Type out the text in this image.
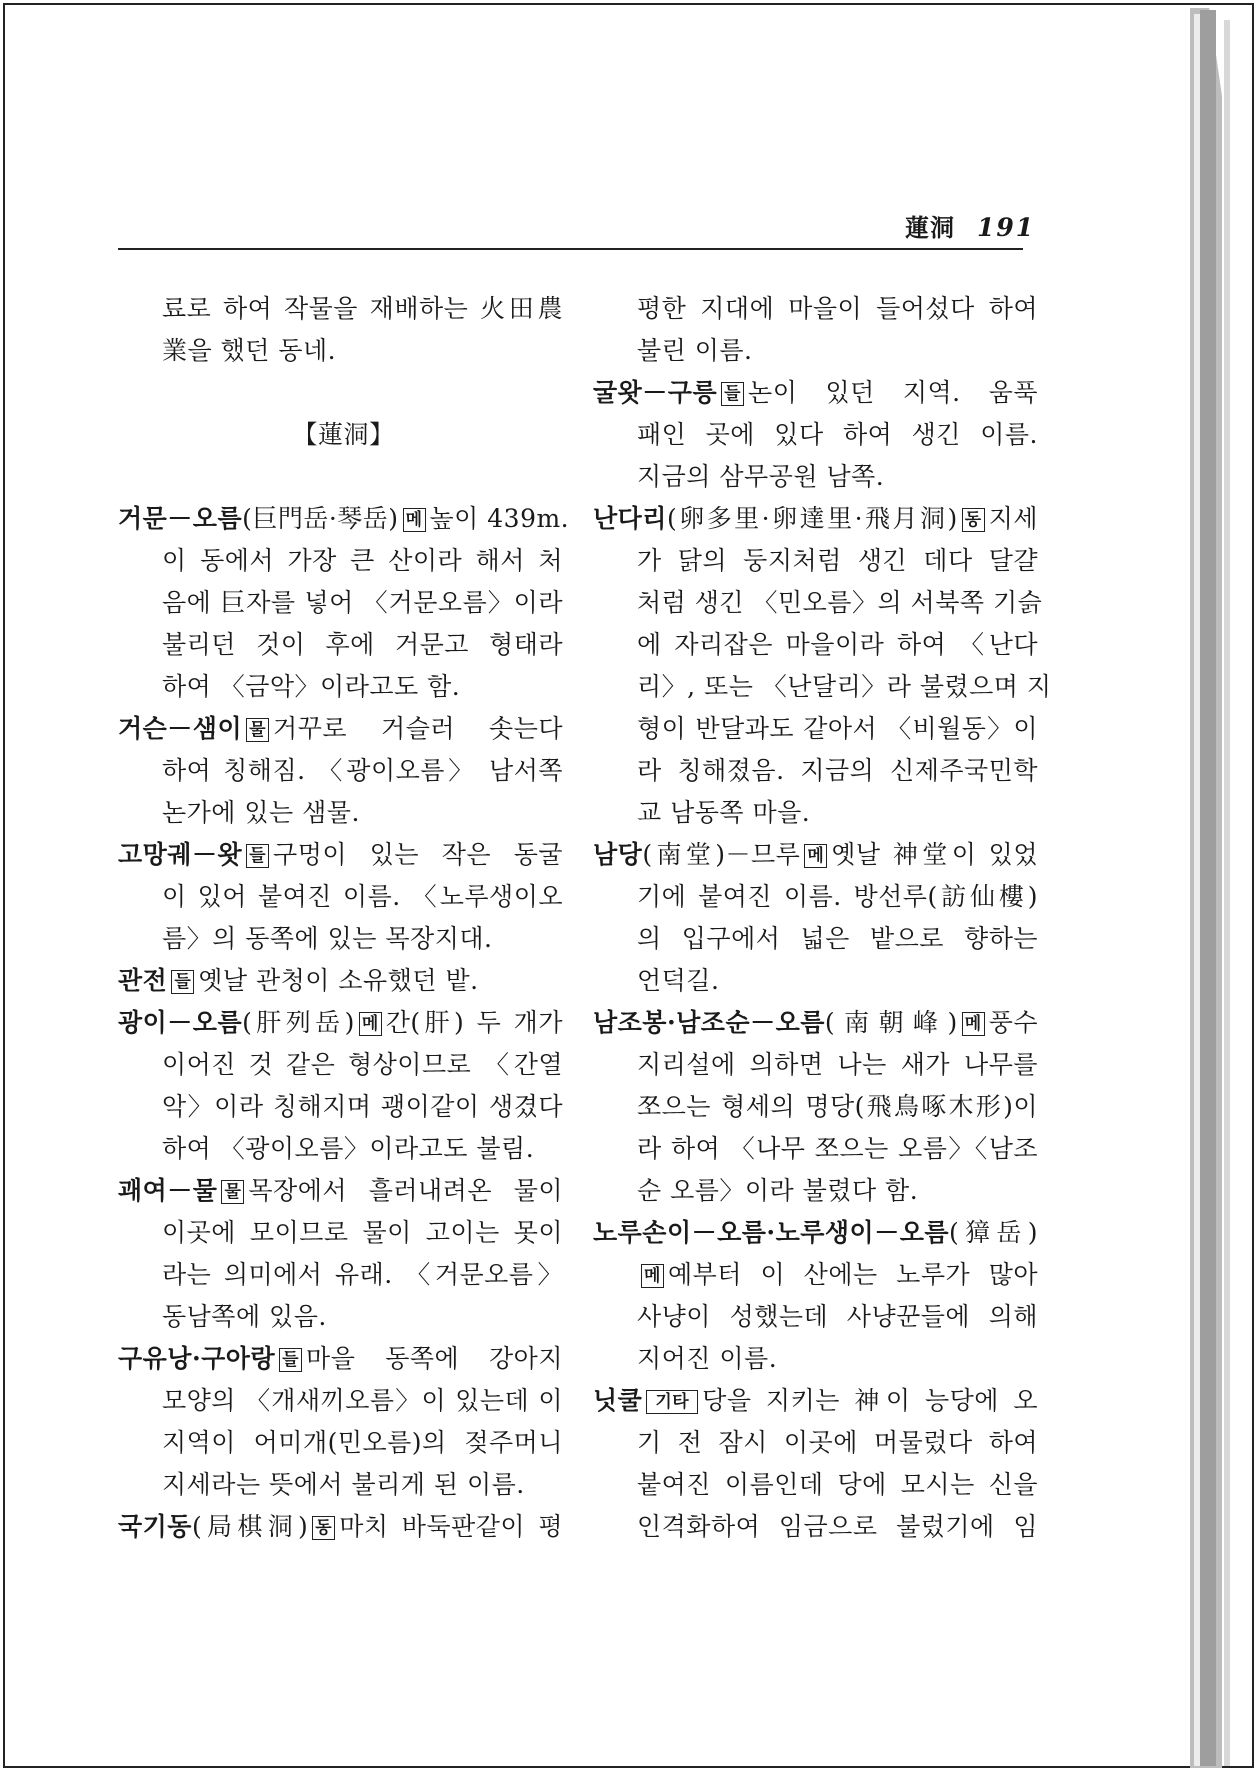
蓮洞 191
료로 하여 작물을 재배하는 火田農
業을 했던 동네.
【蓮洞】
거문－오름(巨門岳·琴岳) 메 높이 439m.
이 동에서 가장 큰 산이라 해서 처
음에 巨자를 넣어 〈거문오름〉이라
불리던 것이 후에 거문고 형태라
하여 〈금악〉이라고도 함.
거슨－샘이 물 거꾸로 거슬러 솟는다
하여 칭해짐. 〈광이오름〉 남서쪽
논가에 있는 샘물.
고망궤－왓 들 구멍이 있는 작은 동굴
이 있어 붙여진 이름. 〈노루생이오
름〉의 동쪽에 있는 목장지대.
관전 들 옛날 관청이 소유했던 밭.
광이－오름(肝列岳) 메 간(肝) 두 개가
이어진 것 같은 형상이므로 〈간열
악〉이라 칭해지며 괭이같이 생겼다
하여 〈광이오름〉이라고도 불림.
괘여－물 물 목장에서 흘러내려온 물이
이곳에 모이므로 물이 고이는 못이
라는 의미에서 유래. 〈거문오름〉
동남쪽에 있음.
구유낭·구아랑 들 마을 동쪽에 강아지
모양의 〈개새끼오름〉이 있는데 이
지역이 어미개(민오름)의 젖주머니
지세라는 뜻에서 불리게 된 이름.
국기동(局棋洞) 동 마치 바둑판같이 평
평한 지대에 마을이 들어섰다 하여
불린 이름.
굴왓－구릉 들 논이 있던 지역. 움푹
패인 곳에 있다 하여 생긴 이름.
지금의 삼무공원 남쪽.
난다리(卵多里·卵達里·飛月洞) 동 지세
가 닭의 둥지처럼 생긴 데다 달걀
처럼 생긴 〈민오름〉의 서북쪽 기슭
에 자리잡은 마을이라 하여 〈난다
리〉, 또는 〈난달리〉라 불렸으며 지
형이 반달과도 같아서 〈비월동〉이
라 칭해졌음. 지금의 신제주국민학
교 남동쪽 마을.
남당(南堂)－므루 메 옛날 神堂이 있었
기에 붙여진 이름. 방선루(訪仙樓)
의 입구에서 넓은 밭으로 향하는
언덕길.
남조봉·남조순－오름(南朝峰) 메 풍수
지리설에 의하면 나는 새가 나무를
쪼으는 형세의 명당(飛鳥啄木形)이
라 하여 〈나무 쪼으는 오름〉〈남조
순 오름〉이라 불렸다 함.
노루손이－오름·노루생이－오름(獐岳)
메 예부터 이 산에는 노루가 많아
사냥이 성했는데 사냥꾼들에 의해
지어진 이름.
닛쿨 기타 당을 지키는 神이 능당에 오
기 전 잠시 이곳에 머물렀다 하여
붙여진 이름인데 당에 모시는 신을
인격화하여 임금으로 불렀기에 임
